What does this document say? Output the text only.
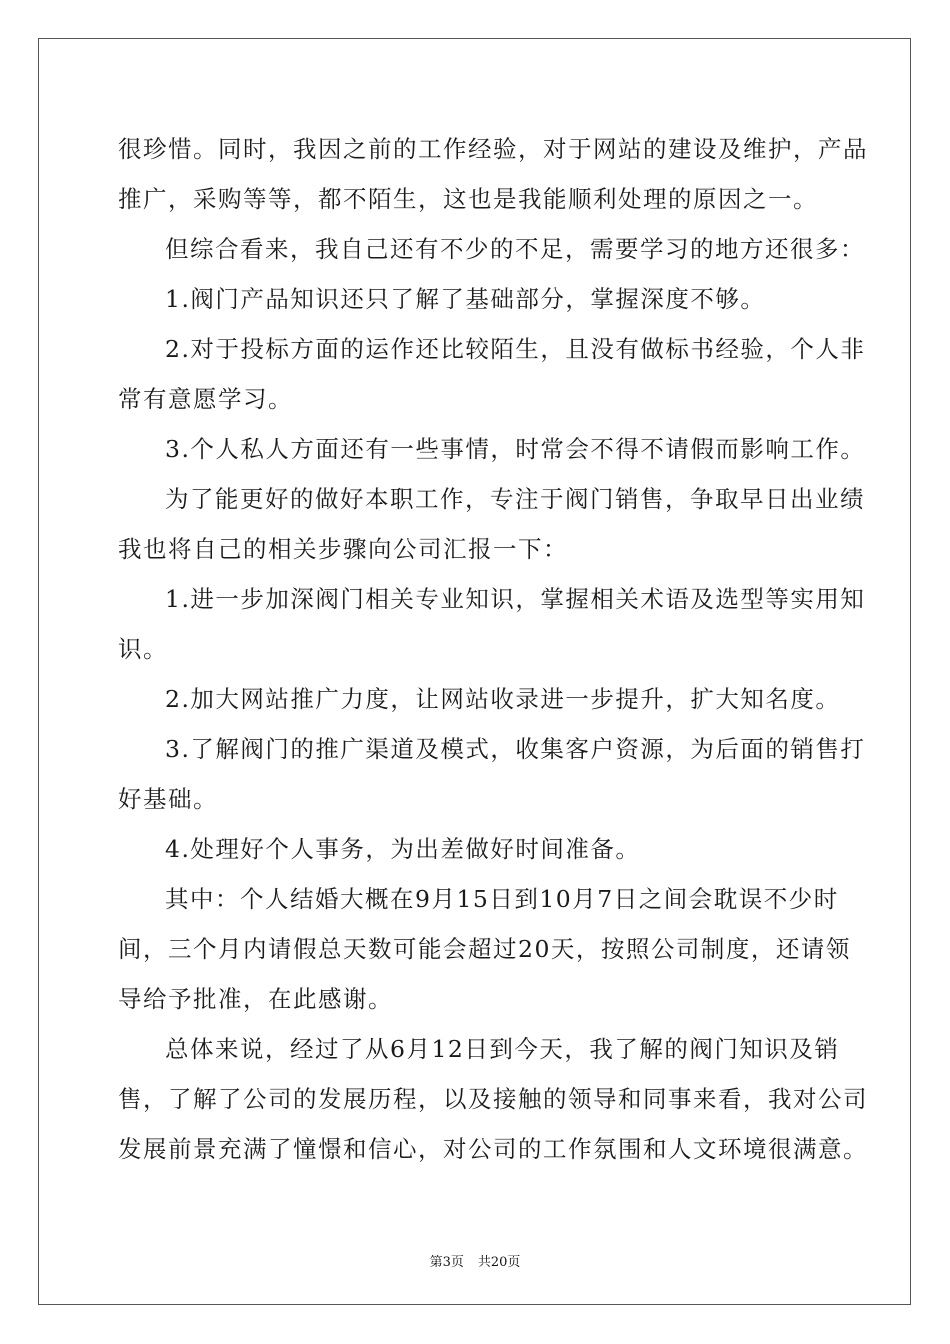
很珍惜。同时，我因之前的工作经验，对于网站的建设及维护，产品
推广，采购等等，都不陌生，这也是我能顺利处理的原因之一。
但综合看来，我自己还有不少的不足，需要学习的地方还很多：
1.阀门产品知识还只了解了基础部分，掌握深度不够。
2.对于投标方面的运作还比较陌生，且没有做标书经验，个人非
常有意愿学习。
3.个人私人方面还有一些事情，时常会不得不请假而影响工作。
为了能更好的做好本职工作，专注于阀门销售，争取早日出业绩
我也将自己的相关步骤向公司汇报一下：
1.进一步加深阀门相关专业知识，掌握相关术语及选型等实用知
识。
2.加大网站推广力度，让网站收录进一步提升，扩大知名度。
3.了解阀门的推广渠道及模式，收集客户资源，为后面的销售打
好基础。
4.处理好个人事务，为出差做好时间准备。
其中：个人结婚大概在9月15日到10月7日之间会耽误不少时
间，三个月内请假总天数可能会超过20天，按照公司制度，还请领
导给予批准，在此感谢。
总体来说，经过了从6月12日到今天，我了解的阀门知识及销
售，了解了公司的发展历程，以及接触的领导和同事来看，我对公司
发展前景充满了憧憬和信心，对公司的工作氛围和人文环境很满意。
第3页 共20页
